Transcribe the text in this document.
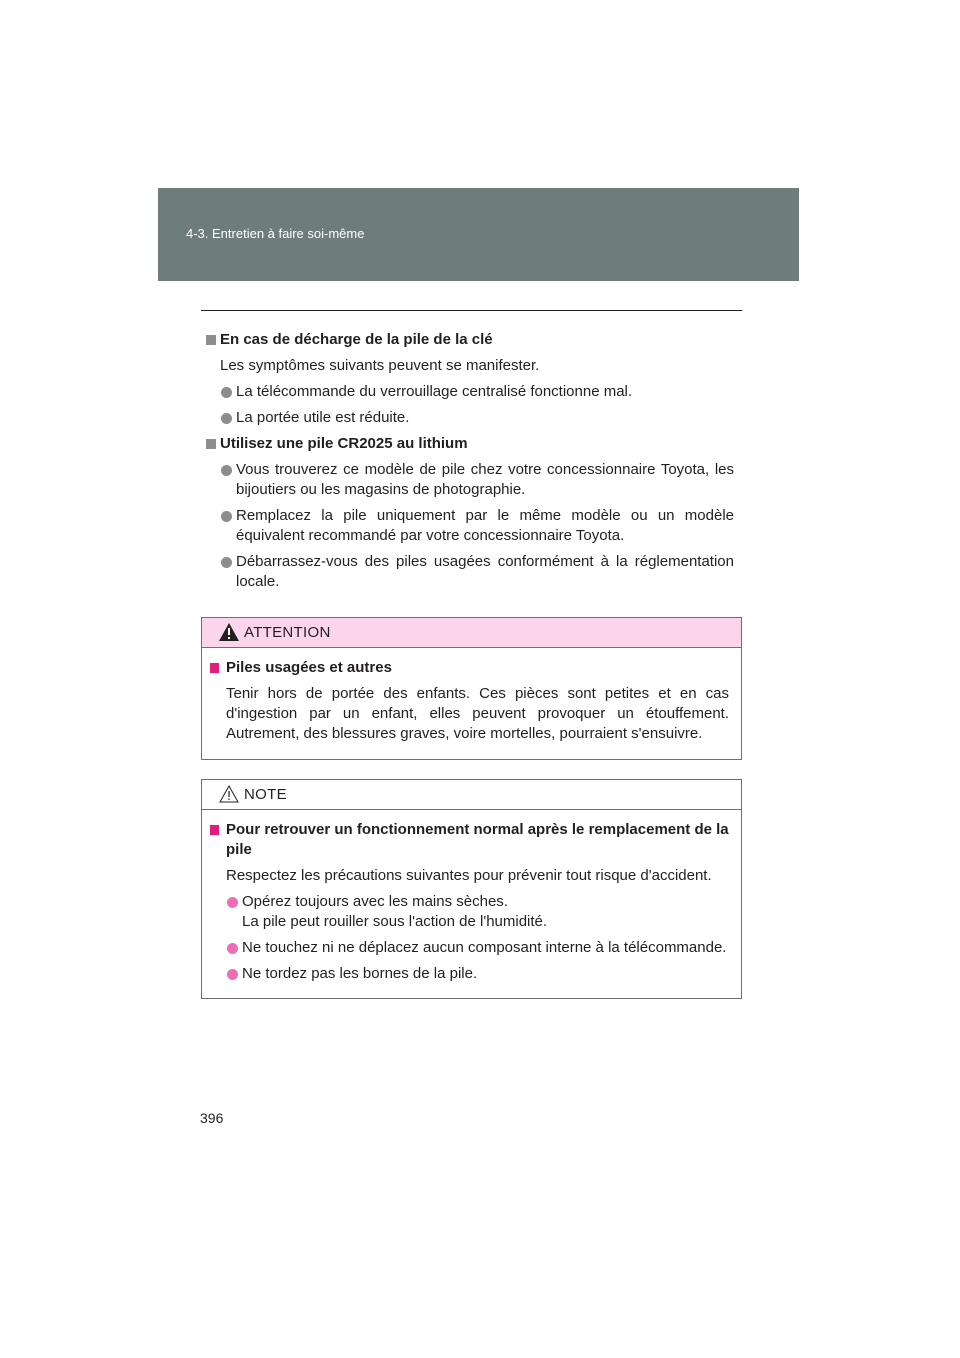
4-3. Entretien à faire soi-même
En cas de décharge de la pile de la clé
Les symptômes suivants peuvent se manifester.
La télécommande du verrouillage centralisé fonctionne mal.
La portée utile est réduite.
Utilisez une pile CR2025 au lithium
Vous trouverez ce modèle de pile chez votre concessionnaire Toyota, les bijoutiers ou les magasins de photographie.
Remplacez la pile uniquement par le même modèle ou un modèle équivalent recommandé par votre concessionnaire Toyota.
Débarrassez-vous des piles usagées conformément à la réglementation locale.
ATTENTION
Piles usagées et autres
Tenir hors de portée des enfants. Ces pièces sont petites et en cas d'ingestion par un enfant, elles peuvent provoquer un étouffement. Autrement, des blessures graves, voire mortelles, pourraient s'ensuivre.
NOTE
Pour retrouver un fonctionnement normal après le remplacement de la pile
Respectez les précautions suivantes pour prévenir tout risque d'accident.
Opérez toujours avec les mains sèches.
La pile peut rouiller sous l'action de l'humidité.
Ne touchez ni ne déplacez aucun composant interne à la télécommande.
Ne tordez pas les bornes de la pile.
396
